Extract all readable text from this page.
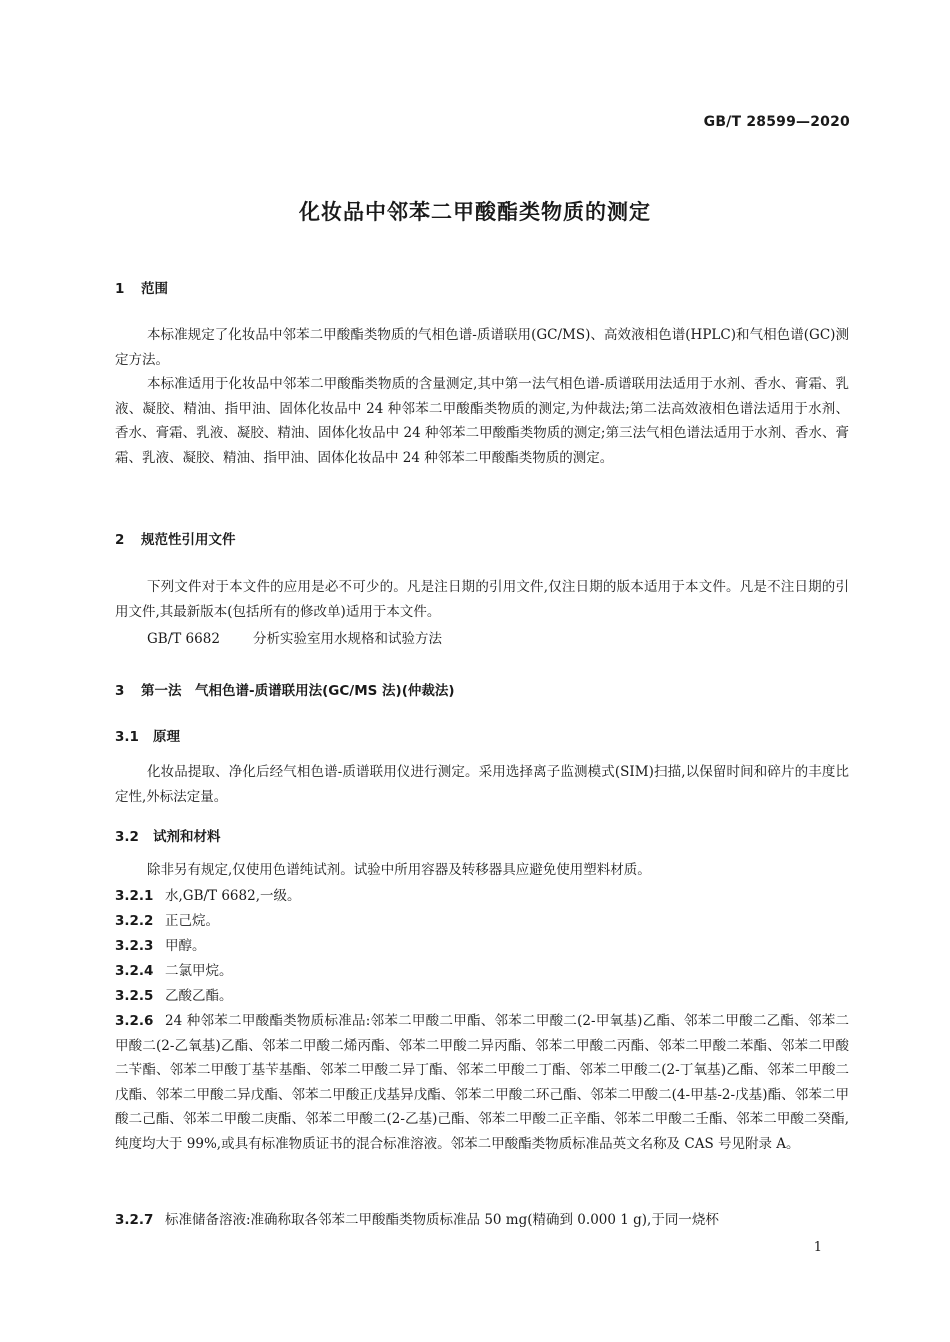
GB/T 28599—2020
化妆品中邻苯二甲酸酯类物质的测定
1 范围

本标准规定了化妆品中邻苯二甲酸酯类物质的气相色谱-质谱联用(GC/MS)、高效液相色谱(HPLC)和气相色谱(GC)测定方法。

本标准适用于化妆品中邻苯二甲酸酯类物质的含量测定,其中第一法气相色谱-质谱联用法适用于水剂、香水、膏霜、乳液、凝胶、精油、指甲油、固体化妆品中 24 种邻苯二甲酸酯类物质的测定,为仲裁法;第二法高效液相色谱法适用于水剂、香水、膏霜、乳液、凝胶、精油、固体化妆品中 24 种邻苯二甲酸酯类物质的测定;第三法气相色谱法适用于水剂、香水、膏霜、乳液、凝胶、精油、指甲油、固体化妆品中 24 种邻苯二甲酸酯类物质的测定。

2 规范性引用文件

下列文件对于本文件的应用是必不可少的。凡是注日期的引用文件,仅注日期的版本适用于本文件。凡是不注日期的引用文件,其最新版本(包括所有的修改单)适用于本文件。

GB/T 6682 分析实验室用水规格和试验方法
3 第一法　气相色谱-质谱联用法(GC/MS 法)(仲裁法)
3.1 原理

化妆品提取、净化后经气相色谱-质谱联用仪进行测定。采用选择离子监测模式(SIM)扫描,以保留时间和碎片的丰度比定性,外标法定量。

3.2 试剂和材料

除非另有规定,仅使用色谱纯试剂。试验中所用容器及转移器具应避免使用塑料材质。

3.2.1 水,GB/T 6682,一级。

3.2.2 正己烷。

3.2.3 甲醇。

3.2.4 二氯甲烷。

3.2.5 乙酸乙酯。

3.2.6 24 种邻苯二甲酸酯类物质标准品:邻苯二甲酸二甲酯、邻苯二甲酸二(2-甲氧基)乙酯、邻苯二甲酸二乙酯、邻苯二甲酸二(2-乙氧基)乙酯、邻苯二甲酸二烯丙酯、邻苯二甲酸二异丙酯、邻苯二甲酸二丙酯、邻苯二甲酸二苯酯、邻苯二甲酸二苄酯、邻苯二甲酸丁基苄基酯、邻苯二甲酸二异丁酯、邻苯二甲酸二丁酯、邻苯二甲酸二(2-丁氧基)乙酯、邻苯二甲酸二戊酯、邻苯二甲酸二异戊酯、邻苯二甲酸正戊基异戊酯、邻苯二甲酸二环己酯、邻苯二甲酸二(4-甲基-2-戊基)酯、邻苯二甲酸二己酯、邻苯二甲酸二庚酯、邻苯二甲酸二(2-乙基)己酯、邻苯二甲酸二正辛酯、邻苯二甲酸二壬酯、邻苯二甲酸二癸酯,纯度均大于 99%,或具有标准物质证书的混合标准溶液。邻苯二甲酸酯类物质标准品英文名称及 CAS 号见附录 A。

3.2.7 标准储备溶液:准确称取各邻苯二甲酸酯类物质标准品 50 mg(精确到 0.000 1 g),于同一烧杯

1
